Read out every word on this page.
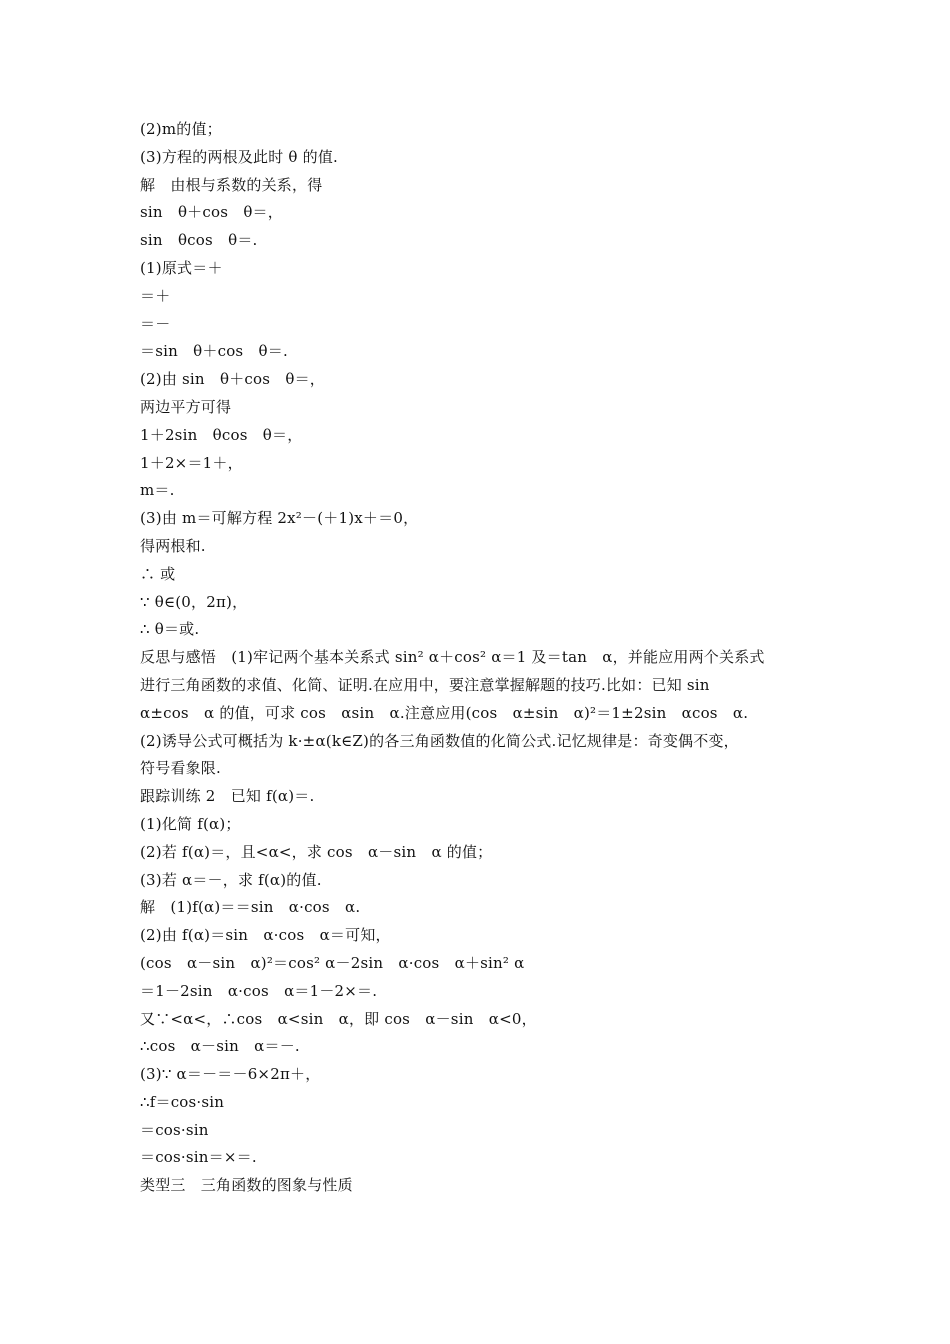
(2)m的值；
(3)方程的两根及此时 θ 的值.
解　由根与系数的关系，得
sin　θ＋cos　θ＝，
sin　θcos　θ＝.
(1)原式＝＋
＝＋
＝－
＝sin　θ＋cos　θ＝.
(2)由 sin　θ＋cos　θ＝，
两边平方可得
1＋2sin　θcos　θ＝，
1＋2×＝1＋，
m＝.
(3)由 m＝可解方程 2x²－(＋1)x＋＝0，
得两根和.
∴ 或
∵ θ∈(0，2π)，
∴ θ＝或.
反思与感悟　(1)牢记两个基本关系式 sin² α＋cos² α＝1 及＝tan　α，并能应用两个关系式
进行三角函数的求值、化简、证明.在应用中，要注意掌握解题的技巧.比如：已知 sin
α±cos　α 的值，可求 cos　αsin　α.注意应用(cos　α±sin　α)²＝1±2sin　αcos　α.
(2)诱导公式可概括为 k·±α(k∈Z)的各三角函数值的化简公式.记忆规律是：奇变偶不变，
符号看象限.
跟踪训练 2　已知 f(α)＝.
(1)化简 f(α)；
(2)若 f(α)＝，且<α<，求 cos　α－sin　α 的值；
(3)若 α＝－，求 f(α)的值.
解　(1)f(α)＝＝sin　α·cos　α.
(2)由 f(α)＝sin　α·cos　α＝可知，
(cos　α－sin　α)²＝cos² α－2sin　α·cos　α＋sin² α
＝1－2sin　α·cos　α＝1－2×＝.
又∵<α<，∴cos　α<sin　α，即 cos　α－sin　α<0，
∴cos　α－sin　α＝－.
(3)∵ α＝－＝－6×2π＋，
∴f＝cos·sin
＝cos·sin
＝cos·sin＝×＝.
类型三　三角函数的图象与性质
